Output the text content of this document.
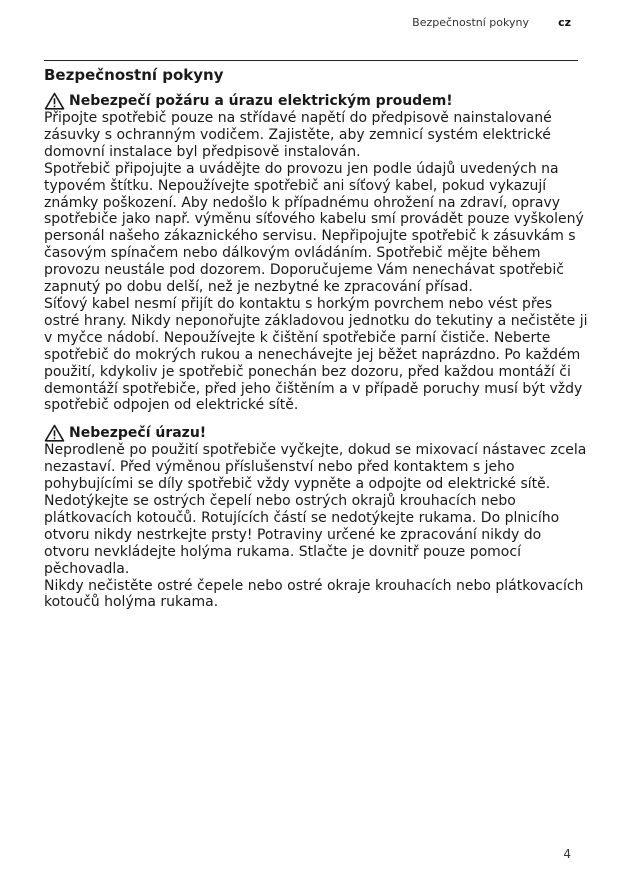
Bezpečnostní pokyny	cz
Bezpečnostní pokyny
Nebezpečí požáru a úrazu elektrickým proudem!

Připojte spotřebič pouze na střídavé napětí do předpisově nainstalované zásuvky s ochranným vodičem. Zajistěte, aby zemnicí systém elektrické domovní instalace byl předpisově instalován.

Spotřebič připojujte a uvádějte do provozu jen podle údajů uvedených na typovém štítku. Nepoužívejte spotřebič ani síťový kabel, pokud vykazují známky poškození. Aby nedošlo k případnému ohrožení na zdraví, opravy spotřebiče jako např. výměnu síťového kabelu smí provádět pouze vyškolený personál našeho zákaznického servisu. Nepřipojujte spotřebič k zásuvkám s časovým spínačem nebo dálkovým ovládáním. Spotřebič mějte během provozu neustále pod dozorem. Doporučujeme Vám nenechávat spotřebič zapnutý po dobu delší, než je nezbytné ke zpracování přísad.

Síťový kabel nesmí přijít do kontaktu s horkým povrchem nebo vést přes ostré hrany. Nikdy neponořujte základovou jednotku do tekutiny a nečistěte ji v myčce nádobí. Nepoužívejte k čištění spotřebiče parní čističe. Neberte spotřebič do mokrých rukou a nenechávejte jej běžet naprázdno. Po každém použití, kdykoliv je spotřebič ponechán bez dozoru, před každou montáží či demontáží spotřebiče, před jeho čištěním a v případě poruchy musí být vždy spotřebič odpojen od elektrické sítě.

Nebezpečí úrazu!

Neprodleně po použití spotřebiče vyčkejte, dokud se mixovací nástavec zcela nezastaví. Před výměnou příslušenství nebo před kontaktem s jeho pohybujícími se díly spotřebič vždy vypněte a odpojte od elektrické sítě.

Nedotýkejte se ostrých čepelí nebo ostrých okrajů krouhacích nebo plátkovacích kotoučů. Rotujících částí se nedotýkejte rukama. Do plnicího otvoru nikdy nestrkejte prsty! Potraviny určené ke zpracování nikdy do otvoru nevkládejte holýma rukama. Stlačte je dovnitř pouze pomocí pěchovadla.

Nikdy nečistěte ostré čepele nebo ostré okraje krouhacích nebo plátkovacích kotoučů holýma rukama.

4
